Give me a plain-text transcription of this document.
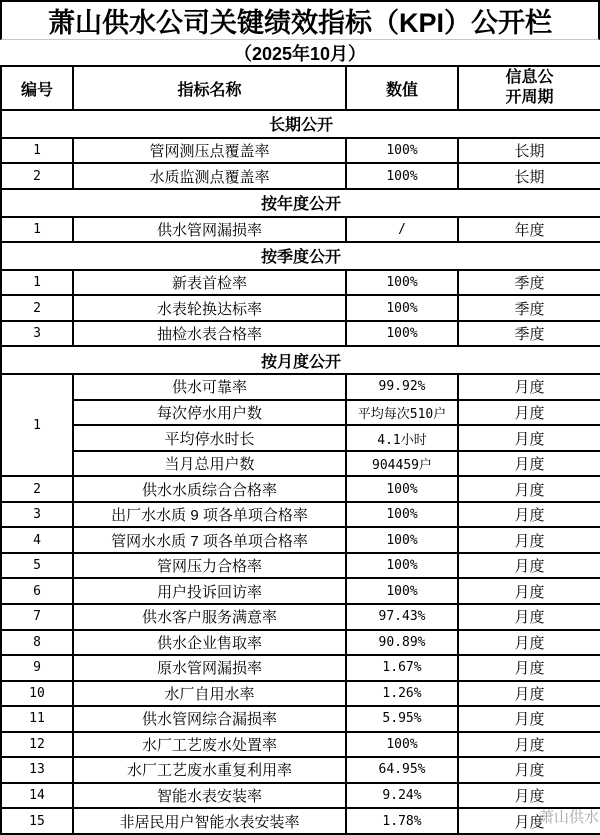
萧山供水公司关键绩效指标（KPI）公开栏
（2025年10月）
编号	指标名称	数值	信息公开周期
长期公开			
1	管网测压点覆盖率	100%	长期
2	水质监测点覆盖率	100%	长期
按年度公开			
1	供水管网漏损率	/	年度
按季度公开			
1	新表首检率	100%	季度
2	水表轮换达标率	100%	季度
3	抽检水表合格率	100%	季度
按月度公开			
1	供水可靠率	99.92%	月度
	每次停水用户数	平均每次510户	月度
	平均停水时长	4.1小时	月度
	当月总用户数	904459户	月度
2	供水水质综合合格率	100%	月度
3	出厂水水质 9 项各单项合格率	100%	月度
4	管网水水质 7 项各单项合格率	100%	月度
5	管网压力合格率	100%	月度
6	用户投诉回访率	100%	月度
7	供水客户服务满意率	97.43%	月度
8	供水企业售取率	90.89%	月度
9	原水管网漏损率	1.67%	月度
10	水厂自用水率	1.26%	月度
11	供水管网综合漏损率	5.95%	月度
12	水厂工艺废水处置率	100%	月度
13	水厂工艺废水重复利用率	64.95%	月度
14	智能水表安装率	9.24%	月度
15	非居民用户智能水表安装率	1.78%	月度
萧山供水
